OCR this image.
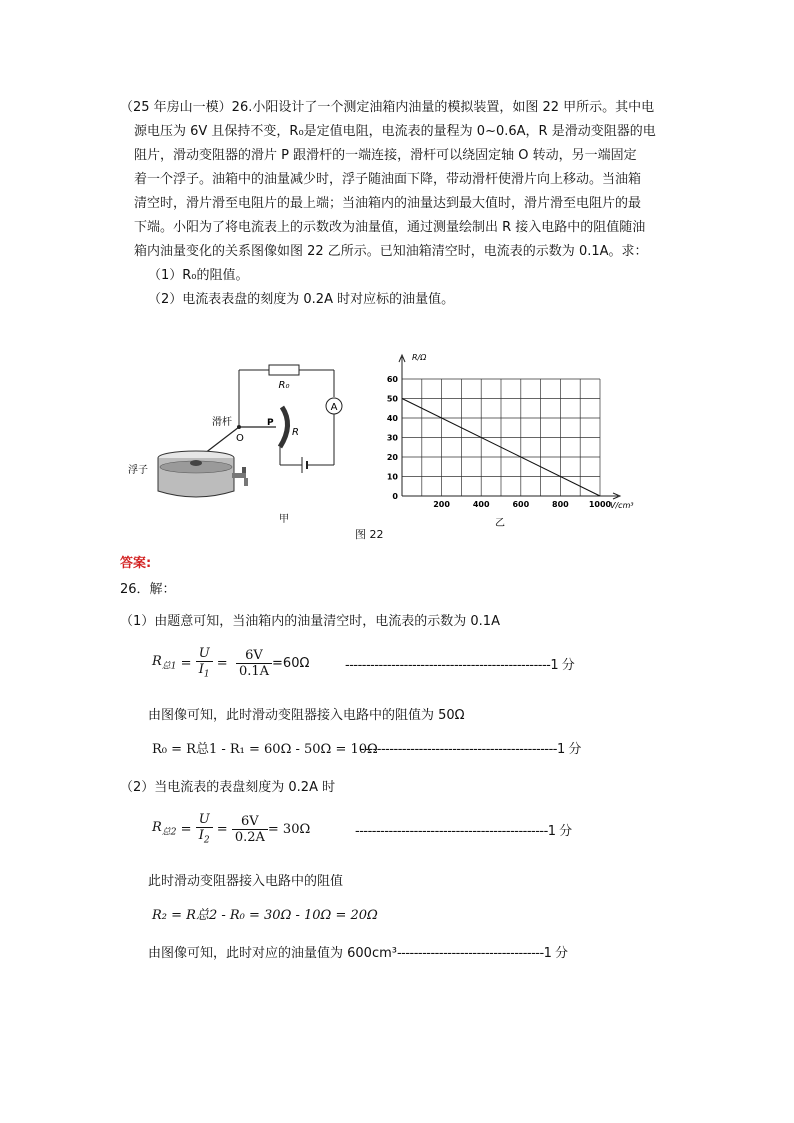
（25 年房山一模）26.小阳设计了一个测定油箱内油量的模拟装置，如图 22 甲所示。其中电
源电压为 6V 且保持不变，R₀是定值电阻，电流表的量程为 0~0.6A，R 是滑动变阻器的电
阻片，滑动变阻器的滑片 P 跟滑杆的一端连接，滑杆可以绕固定轴 O 转动，另一端固定
着一个浮子。油箱中的油量减少时，浮子随油面下降，带动滑杆使滑片向上移动。当油箱
清空时，滑片滑至电阻片的最上端；当油箱内的油量达到最大值时，滑片滑至电阻片的最
下端。小阳为了将电流表上的示数改为油量值，通过测量绘制出 R 接入电路中的阻值随油
箱内油量变化的关系图像如图 22 乙所示。已知油箱清空时，电流表的示数为 0.1A。求：
（1）R₀的阻值。
（2）电流表表盘的刻度为 0.2A 时对应标的油量值。
A
R₀
滑杆
O
P
R
浮子
甲
R/Ω
V/cm³
乙
200	400	600	800	1000
0
10
20
30
40
50
60
图 22
答案:
26．解：
（1）由题意可知，当油箱内的油量清空时，电流表的示数为 0.1A
$R_{总1} = \frac{U}{I_1} = \frac{6V}{0.1A} =60\Omega$	-------------------------------------------------1 分
由图像可知，此时滑动变阻器接入电路中的阻值为 50Ω
R₀ = R总1 - R₁ = 60Ω - 50Ω = 10Ω
-----------------------------------------------1 分
（2）当电流表的表盘刻度为 0.2A 时
$R_{总2} = \frac{U}{I_2} = \frac{6V}{0.2A} = 30\Omega$	----------------------------------------------1 分
此时滑动变阻器接入电路中的阻值
R₂ = R总2 - R₀ = 30Ω - 10Ω = 20Ω
由图像可知，此时对应的油量值为 600cm³-----------------------------------1 分
